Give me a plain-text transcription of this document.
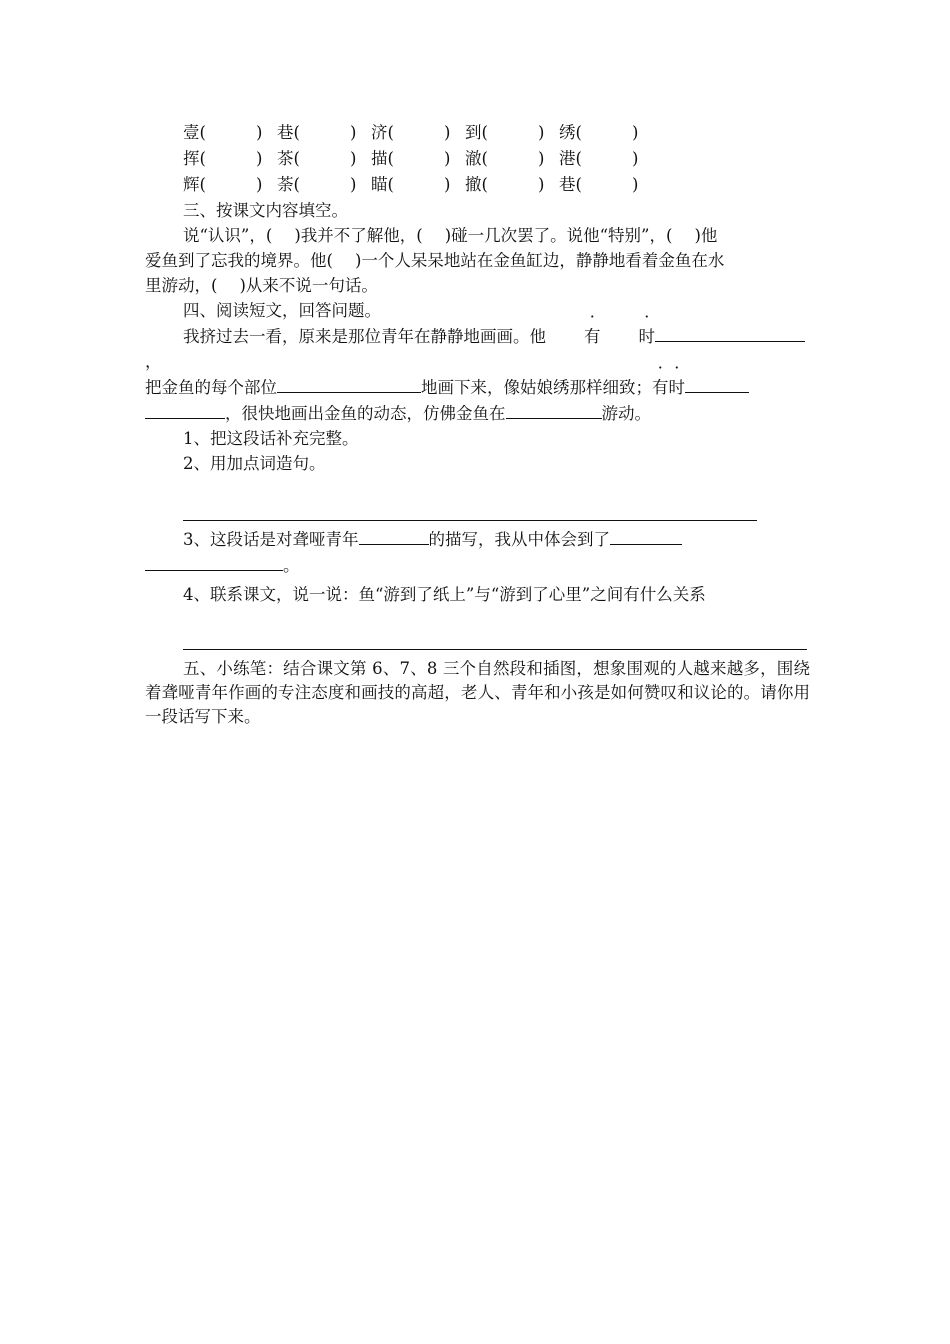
壹(	) 巷(	) 济(	) 到(	) 绣(	)
挥(	) 茶(	) 描(	) 澈(	) 港(	)
辉(	) 荼(	) 瞄(	) 撤(	) 巷(	)

三、按课文内容填空。

说“认识”，( )我并不了解他，( )碰一几次罢了。说他“特别”，( )他

爱鱼到了忘我的境界。他( )一个人呆呆地站在金鱼缸边，静静地看着金鱼在水

里游动，( )从来不说一句话。

四、阅读短文，回答问题。

我挤过去一看，原来是那位青年在静静地画画。他 有 时，

把金鱼的每个部位	地画下来，像姑娘绣那样细致；有时

，很快地画出金鱼的动态，仿佛金鱼在	游动。

1、把这段话补充完整。

2、用加点词造句。

3、这段话是对聋哑青年	的描写，我从中体会到了

。

4、联系课文，说一说：鱼“游到了纸上”与“游到了心里”之间有什么关系

五、小练笔：结合课文第 6、7、8 三个自然段和插图，想象围观的人越来越多，围绕着聋哑青年作画的专注态度和画技的高超，老人、青年和小孩是如何赞叹和议论的。请你用一段话写下来。
